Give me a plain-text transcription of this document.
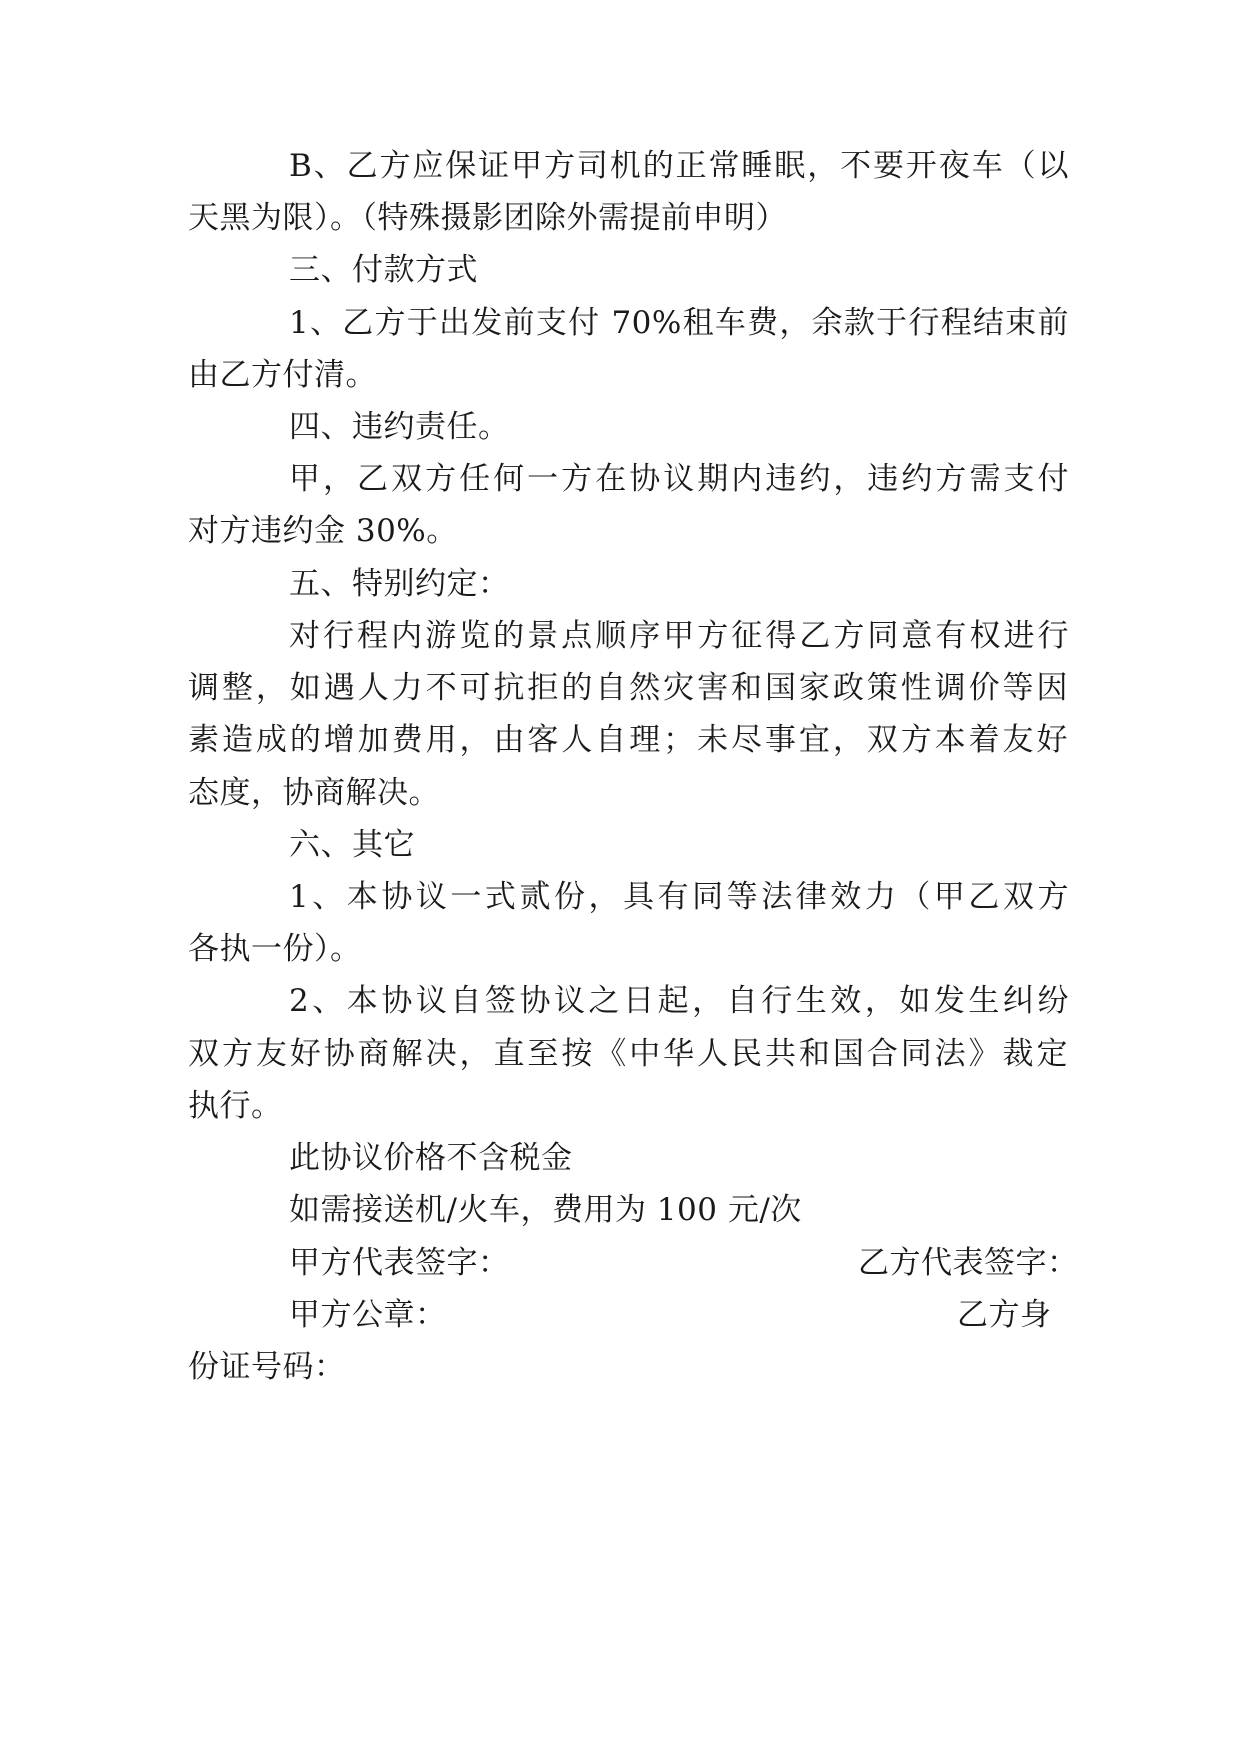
B、乙方应保证甲方司机的正常睡眠，不要开夜车（以
天黑为限）。（特殊摄影团除外需提前申明）
三、付款方式
1、乙方于出发前支付 70%租车费，余款于行程结束前
由乙方付清。
四、违约责任。
甲，乙双方任何一方在协议期内违约，违约方需支付
对方违约金 30%。
五、特别约定：
对行程内游览的景点顺序甲方征得乙方同意有权进行
调整，如遇人力不可抗拒的自然灾害和国家政策性调价等因
素造成的增加费用，由客人自理；未尽事宜，双方本着友好
态度，协商解决。
六、其它
1、本协议一式贰份，具有同等法律效力（甲乙双方
各执一份）。
2、本协议自签协议之日起，自行生效，如发生纠纷
双方友好协商解决，直至按《中华人民共和国合同法》裁定
执行。
此协议价格不含税金
如需接送机/火车，费用为 100 元/次
甲方代表签字：	乙方代表签字：
甲方公章：	乙方身
份证号码：
